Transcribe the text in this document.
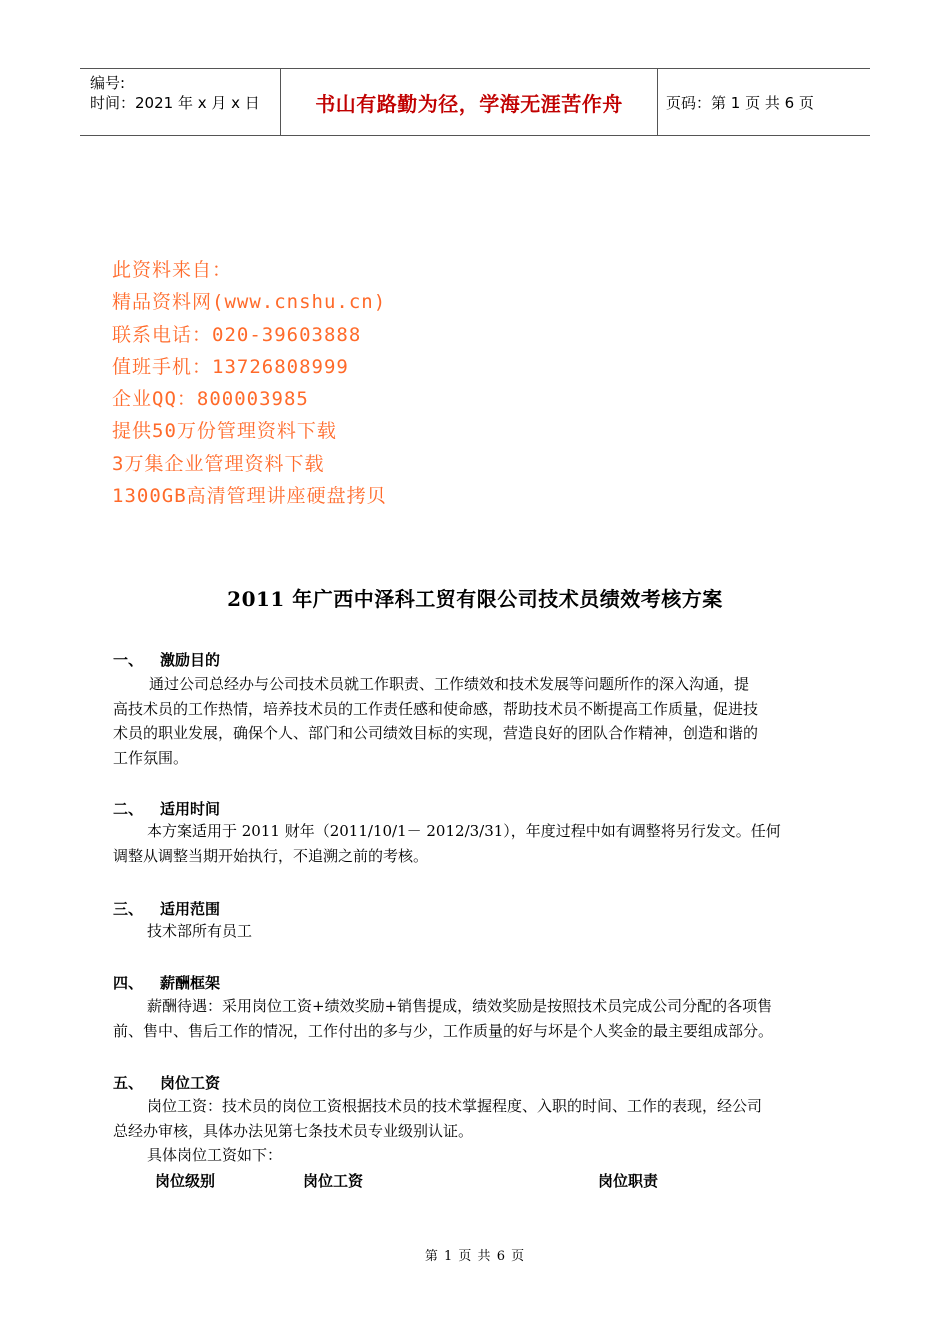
编号:
时间：2021 年 x 月 x 日	书山有路勤为径，学海无涯苦作舟	页码：第 1 页 共 6 页
此资料来自：
精品资料网(www.cnshu.cn)
联系电话：020-39603888
值班手机：13726808999
企业QQ：800003985
提供50万份管理资料下载
3万集企业管理资料下载
1300GB高清管理讲座硬盘拷贝
2011 年广西中泽科工贸有限公司技术员绩效考核方案
一、 激励目的
通过公司总经办与公司技术员就工作职责、工作绩效和技术发展等问题所作的深入沟通，提
高技术员的工作热情，培养技术员的工作责任感和使命感，帮助技术员不断提高工作质量，促进技
术员的职业发展，确保个人、部门和公司绩效目标的实现，营造良好的团队合作精神，创造和谐的
工作氛围。
二、 适用时间
本方案适用于 2011 财年（2011/10/1－ 2012/3/31），年度过程中如有调整将另行发文。任何
调整从调整当期开始执行，不追溯之前的考核。
三、 适用范围
技术部所有员工
四、 薪酬框架
薪酬待遇：采用岗位工资+绩效奖励+销售提成，绩效奖励是按照技术员完成公司分配的各项售
前、售中、售后工作的情况，工作付出的多与少，工作质量的好与坏是个人奖金的最主要组成部分。
五、 岗位工资
岗位工资：技术员的岗位工资根据技术员的技术掌握程度、入职的时间、工作的表现，经公司
总经办审核，具体办法见第七条技术员专业级别认证。
具体岗位工资如下：
岗位级别	岗位工资	岗位职责
第 1 页 共 6 页
